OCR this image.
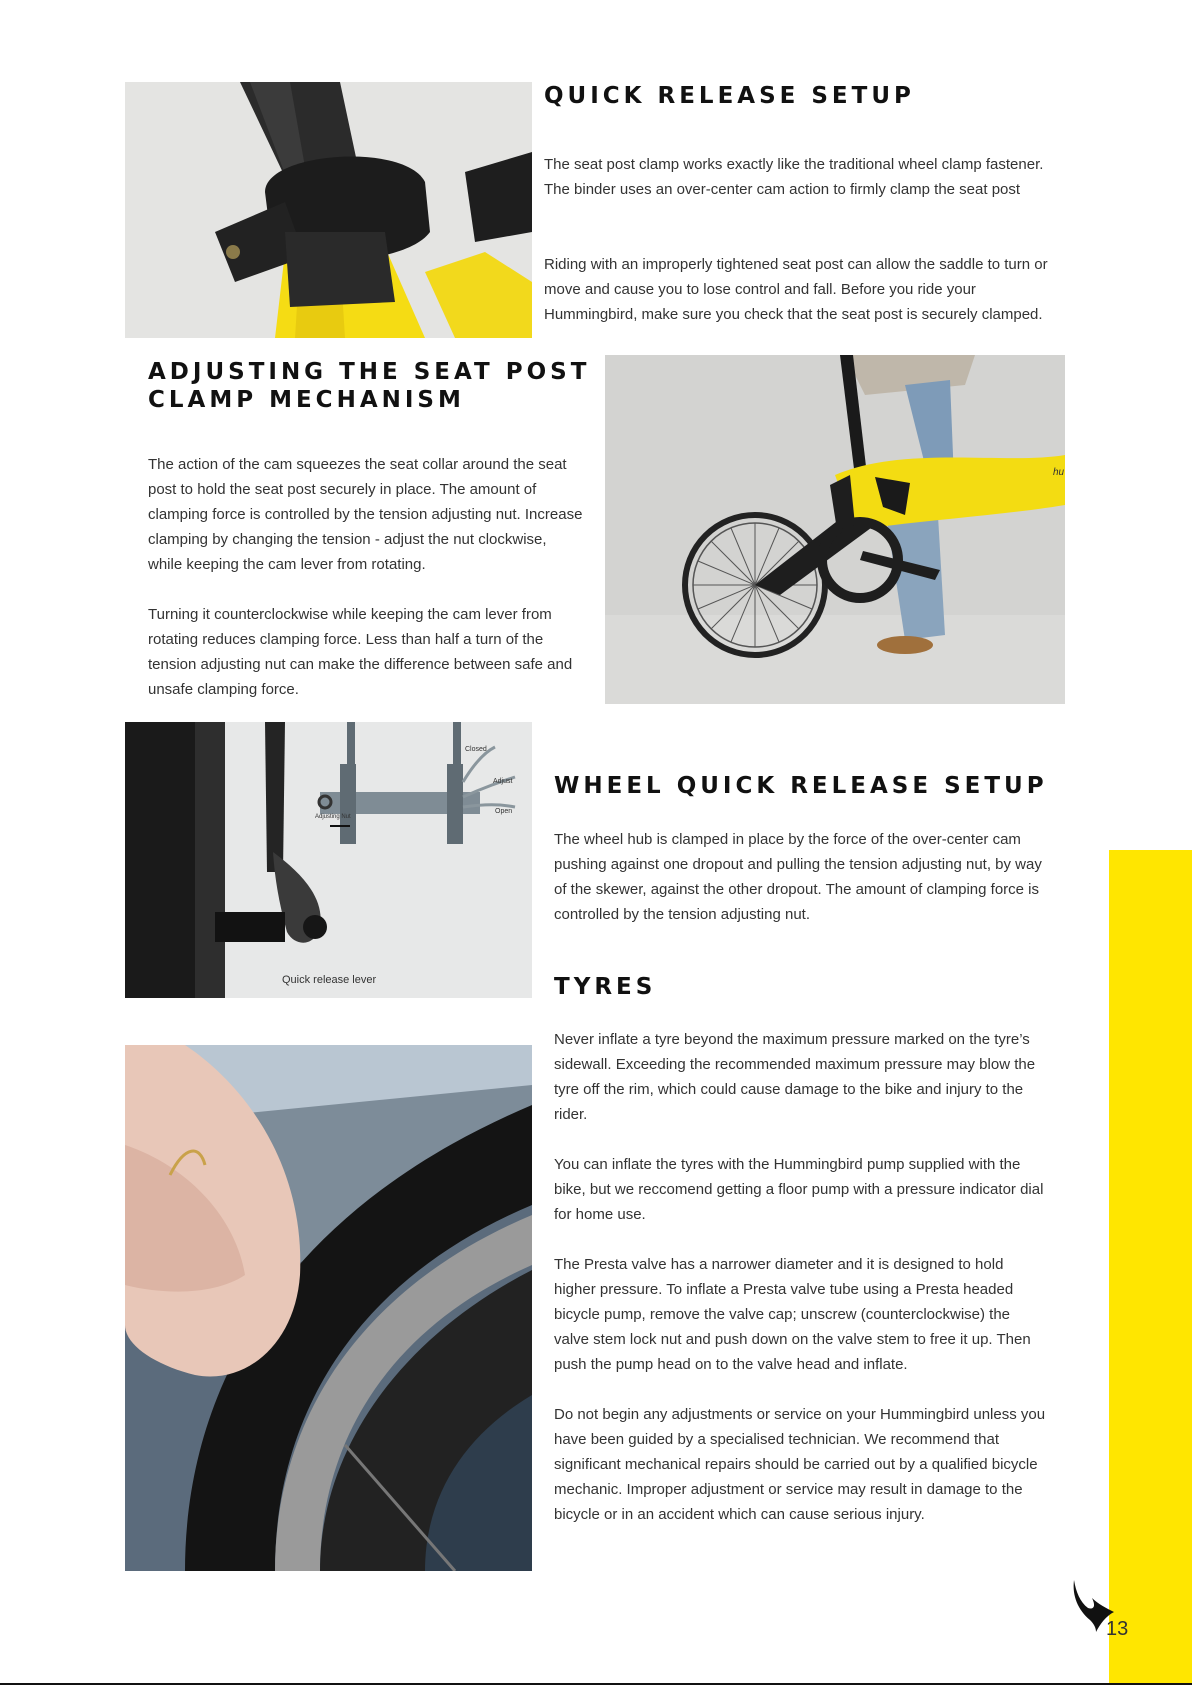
QUICK RELEASE SETUP

The seat post clamp works exactly like the traditional wheel clamp fastener. The binder uses an over-center cam action to firmly clamp the seat post

Riding with an improperly tightened seat post can allow the saddle to turn or move and cause you to lose control and fall. Before you ride your Hummingbird, make sure you check that the seat post is securely clamped.

ADJUSTING THE SEAT POST
CLAMP MECHANISM

The action of the cam squeezes the seat collar around the seat post to hold the seat post securely in place. The amount of clamping force is controlled by the tension adjusting nut. Increase clamping by changing the tension - adjust the nut clockwise, while keeping the cam lever from rotating.

Turning it counterclockwise while keeping the cam lever from rotating reduces clamping force. Less than half a turn of the tension adjusting nut can make the difference between safe and unsafe clamping force.

hu
Closed
Adjust
Open
Adjusting Nut
Quick release lever
WHEEL QUICK RELEASE SETUP

The wheel hub is clamped in place by the force of the over-center cam pushing against one dropout and pulling the tension adjusting nut, by way of the skewer, against the other dropout. The amount of clamping force is controlled by the tension adjusting nut.

TYRES

Never inflate a tyre beyond the maximum pressure marked on the tyre’s sidewall. Exceeding the recommended maximum pressure may blow the tyre off the rim, which could cause damage to the bike and injury to the rider.

You can inflate the tyres with the Hummingbird pump supplied with the bike, but we reccomend getting a floor pump with a pressure indicator dial for home use.

The Presta valve has a narrower diameter and it is designed to hold higher pressure. To inflate a Presta valve tube using a Presta headed bicycle pump, remove the valve cap; unscrew (counterclockwise) the valve stem lock nut and push down on the valve stem to free it up. Then push the pump head on to the valve head and inflate.

Do not begin any adjustments or service on your Hummingbird unless you have been guided by a specialised technician. We recommend that significant mechanical repairs should be carried out by a qualified bicycle mechanic. Improper adjustment or service may result in damage to the bicycle or in an accident which can cause serious injury.

13
